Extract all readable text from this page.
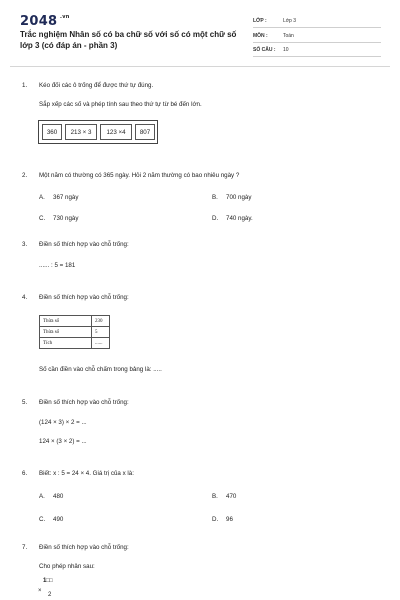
2048 .vn
Trắc nghiệm Nhân số có ba chữ số với số có một chữ số lớp 3 (có đáp án - phần 3)
LỚP :	Lớp 3
MÔN :	Toán
SỐ CÂU : 10
1. Kéo đối các ô trống để được thứ tự đúng.
Sắp xếp các số và phép tính sau theo thứ tự từ bé đến lớn.
360	213 × 3	123 ×4	807
2. Một năm có thường có 365 ngày. Hỏi 2 năm thường có bao nhiêu ngày ?
A. 367 ngày	B. 700 ngày
C. 730 ngày	D. 740 ngày.
3. Điền số thích hợp vào chỗ trống:
...... : 5 = 181
4. Điền số thích hợp vào chỗ trống:
Thừa số	230
Thừa số	5
Tích	......
Số cần điền vào chỗ chấm trong bảng là: .....
5. Điền số thích hợp vào chỗ trống:
(124 × 3) × 2 = ...
124 × (3 × 2) = ...
6. Biết: x : 5 = 24 × 4. Giá trị của x là:
A. 480	B. 470
C. 490	D. 96
7. Điền số thích hợp vào chỗ trống:
Cho phép nhân sau:
1□□
×
2
